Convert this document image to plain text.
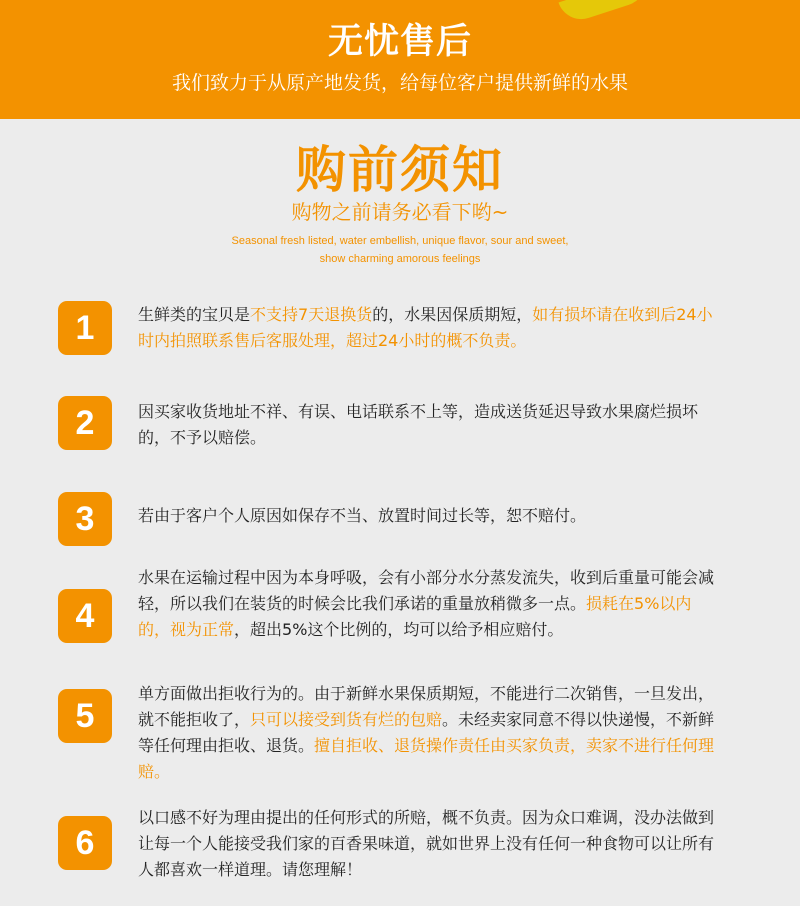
无忧售后
我们致力于从原产地发货，给每位客户提供新鲜的水果
购前须知
购物之前请务必看下哟~
Seasonal fresh listed, water embellish, unique flavor, sour and sweet,
show charming amorous feelings
1	生鲜类的宝贝是不支持7天退换货的，水果因保质期短，如有损坏请在收到后24小时内拍照联系售后客服处理，超过24小时的概不负责。
2	因买家收货地址不祥、有误、电话联系不上等，造成送货延迟导致水果腐烂损坏的，不予以赔偿。
3	若由于客户个人原因如保存不当、放置时间过长等，恕不赔付。
4
水果在运输过程中因为本身呼吸，会有小部分水分蒸发流失，收到后重量可能会减轻，所以我们在装货的时候会比我们承诺的重量放稍微多一点。损耗在5%以内的，视为正常，超出5%这个比例的，均可以给予相应赔付。
5
单方面做出拒收行为的。由于新鲜水果保质期短，不能进行二次销售，一旦发出，就不能拒收了，只可以接受到货有烂的包赔。未经卖家同意不得以快递慢，不新鲜等任何理由拒收、退货。擅自拒收、退货操作责任由买家负责，卖家不进行任何理赔。
6
以口感不好为理由提出的任何形式的所赔，概不负责。因为众口难调，没办法做到让每一个人能接受我们家的百香果味道，就如世界上没有任何一种食物可以让所有人都喜欢一样道理。请您理解！
